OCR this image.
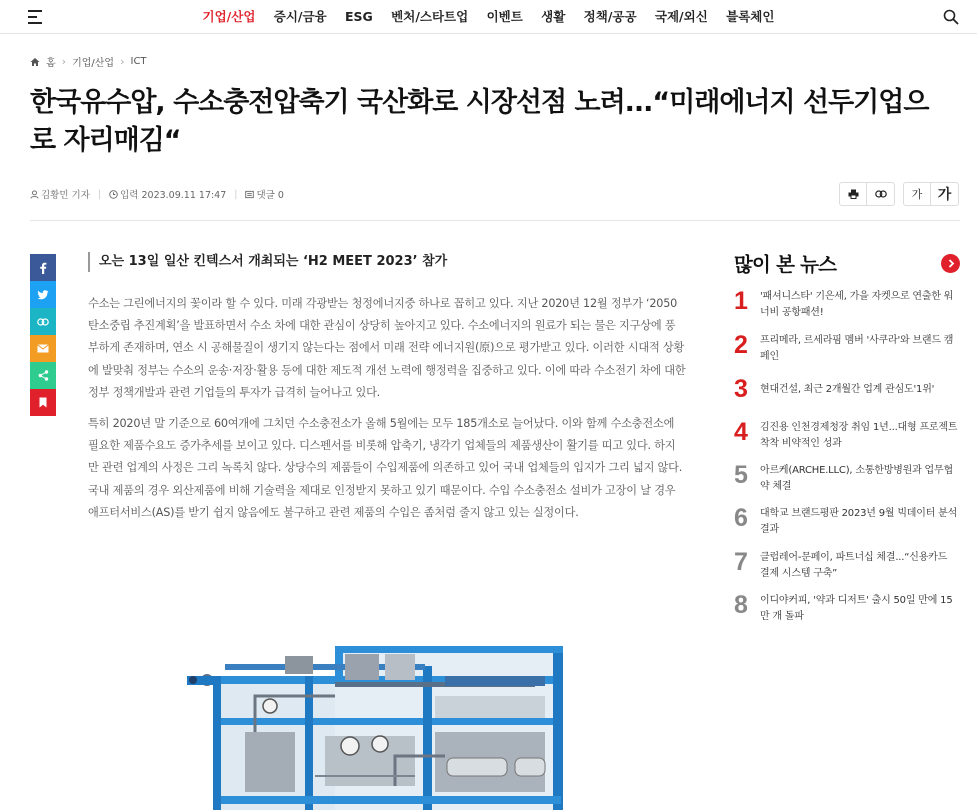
기업/산업 증시/금융 ESG 벤처/스타트업 이벤트 생활 정책/공공 국제/외신 블록체인
홈 › 기업/산업 › ICT
한국유수압, 수소충전압축기 국산화로 시장선점 노려...“미래에너지 선두기업으 로 자리매김“
김황민 기자 |	입력 2023.09.11 17:47 |	댓글 0	가	가
오는 13일 일산 킨텍스서 개최되는 ‘H2 MEET 2023’ 참가

수소는 그린에너지의 꽃이라 할 수 있다. 미래 각광받는 청정에너지중 하나로 꼽히고 있다. 지난 2020년 12월 정부가 ‘2050 탄소중립 추진계획’을 발표하면서 수소 차에 대한 관심이 상당히 높아지고 있다. 수소에너지의 원료가 되는 물은 지구상에 풍부하게 존재하며, 연소 시 공해물질이 생기지 않는다는 점에서 미래 전략 에너지원(原)으로 평가받고 있다. 이러한 시대적 상황에 발맞춰 정부는 수소의 운송·저장·활용 등에 대한 제도적 개선 노력에 행정력을 집중하고 있다. 이에 따라 수소전기 차에 대한 정부 정책개발과 관련 기업들의 투자가 급격히 늘어나고 있다.

특히 2020년 말 기준으로 60여개에 그치던 수소충전소가 올해 5월에는 모두 185개소로 늘어났다. 이와 함께 수소충전소에 필요한 제품수요도 증가추세를 보이고 있다. 디스펜서를 비롯해 압축기, 냉각기 업체들의 제품생산이 활기를 띠고 있다. 하지만 관련 업계의 사정은 그리 녹록치 않다. 상당수의 제품들이 수입제품에 의존하고 있어 국내 업체들의 입지가 그리 넓지 않다. 국내 제품의 경우 외산제품에 비해 기술력을 제대로 인정받지 못하고 있기 때문이다. 수입 수소충전소 설비가 고장이 날 경우 애프터서비스(AS)를 받기 쉽지 않음에도 불구하고 관련 제품의 수입은 좀처럼 줄지 않고 있는 실정이다.

많이 본 뉴스
1	'패셔니스타' 기은세, 가을 자켓으로 연출한 워너비 공항패션!
2	프리메라, 르세라핌 멤버 '사쿠라'와 브랜드 캠페인
3	현대건설, 최근 2개월간 업계 관심도'1위'
4	김진용 인천경제청장 취임 1년...대형 프로젝트 착착 비약적인 성과
5	아르케(ARCHE.LLC), 소통한방병원과 업무협약 체결
6	대학교 브랜드평판 2023년 9월 빅데이터 분석결과
7	클럽레어-문페이, 파트너십 체결...“신용카드 결제 시스템 구축”
8	이디야커피, '약과 디저트' 출시 50일 만에 15만 개 돌파
